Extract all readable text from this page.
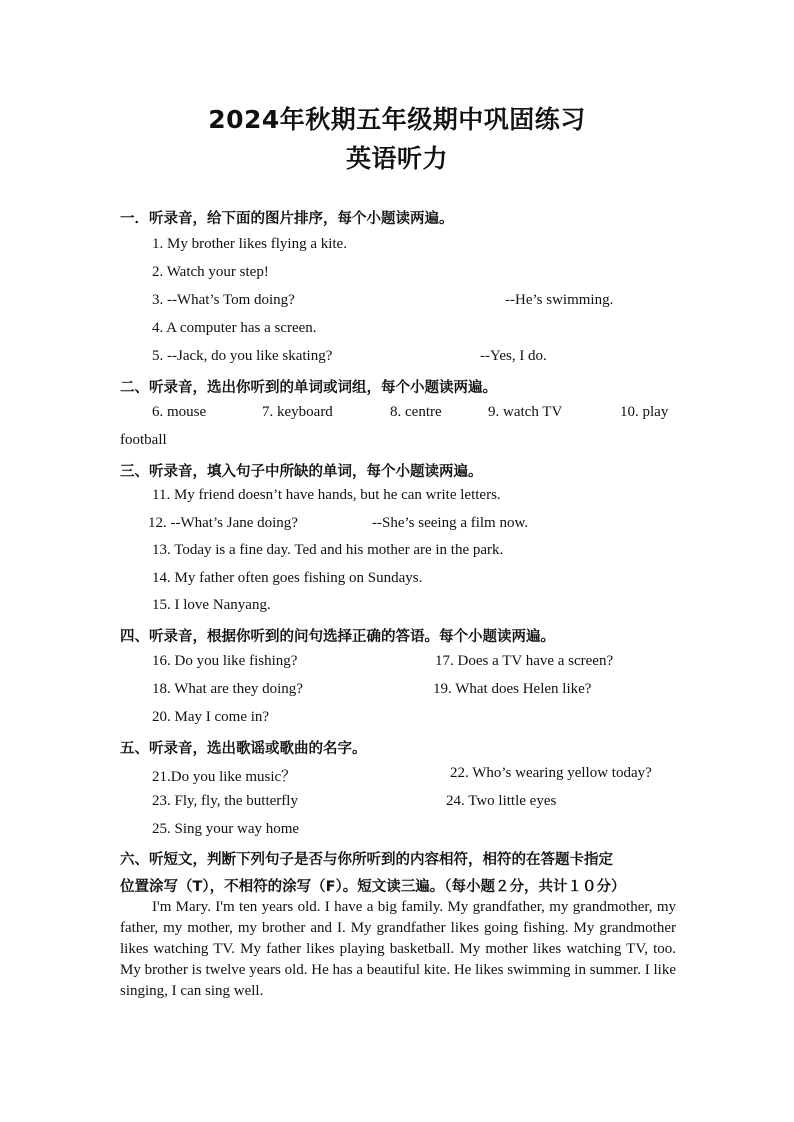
2024年秋期五年级期中巩固练习
英语听力
一．听录音，给下面的图片排序，每个小题读两遍。
1. My brother likes flying a kite.
2. Watch your step!
3. --What’s Tom doing?	--He’s swimming.
4. A computer has a screen.
5. --Jack, do you like skating?	--Yes, I do.
二、听录音，选出你听到的单词或词组，每个小题读两遍。
6. mouse	7. keyboard	8. centre	9. watch TV	10. play
football
三、听录音，填入句子中所缺的单词，每个小题读两遍。
11. My friend doesn’t have hands, but he can write letters.
12. --What’s Jane doing?	--She’s seeing a film now.
13. Today is a fine day. Ted and his mother are in the park.
14. My father often goes fishing on Sundays.
15. I love Nanyang.
四、听录音，根据你听到的问句选择正确的答语。每个小题读两遍。
16. Do you like fishing?	17. Does a TV have a screen?
18. What are they doing?	19. What does Helen like?
20. May I come in?
五、听录音，选出歌谣或歌曲的名字。
21.Do you like music？	22. Who’s wearing yellow today?
23. Fly, fly, the butterfly	24. Two little eyes
25. Sing your way home
六、听短文，判断下列句子是否与你所听到的内容相符，相符的在答题卡指定
位置涂写（T），不相符的涂写（F）。短文读三遍。（每小题２分，共计１０分）
I'm Mary. I'm ten years old. I have a big family. My grandfather, my grandmother, my father, my mother, my brother and I. My grandfather likes going fishing. My grandmother likes watching TV. My father likes playing basketball. My mother likes watching TV, too. My brother is twelve years old. He has a beautiful kite. He likes swimming in summer. I like singing, I can sing well.
